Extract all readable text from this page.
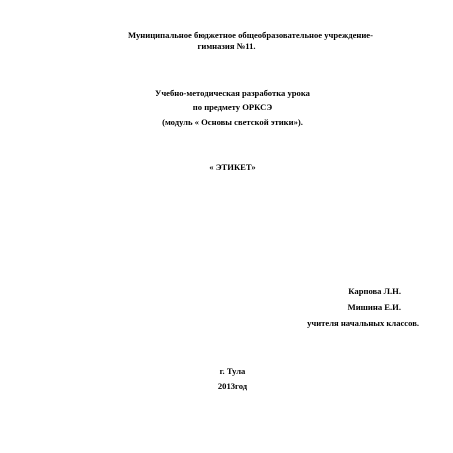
Муниципальное бюджетное общеобразовательное учреждение-
гимназия №11.
Учебно-методическая разработка урока
по предмету ОРКСЭ
(модуль « Основы светской этики»).
« ЭТИКЕТ»
Карпова Л.Н.
Мишина Е.И.
учителя начальных классов.
г. Тула
2013год
